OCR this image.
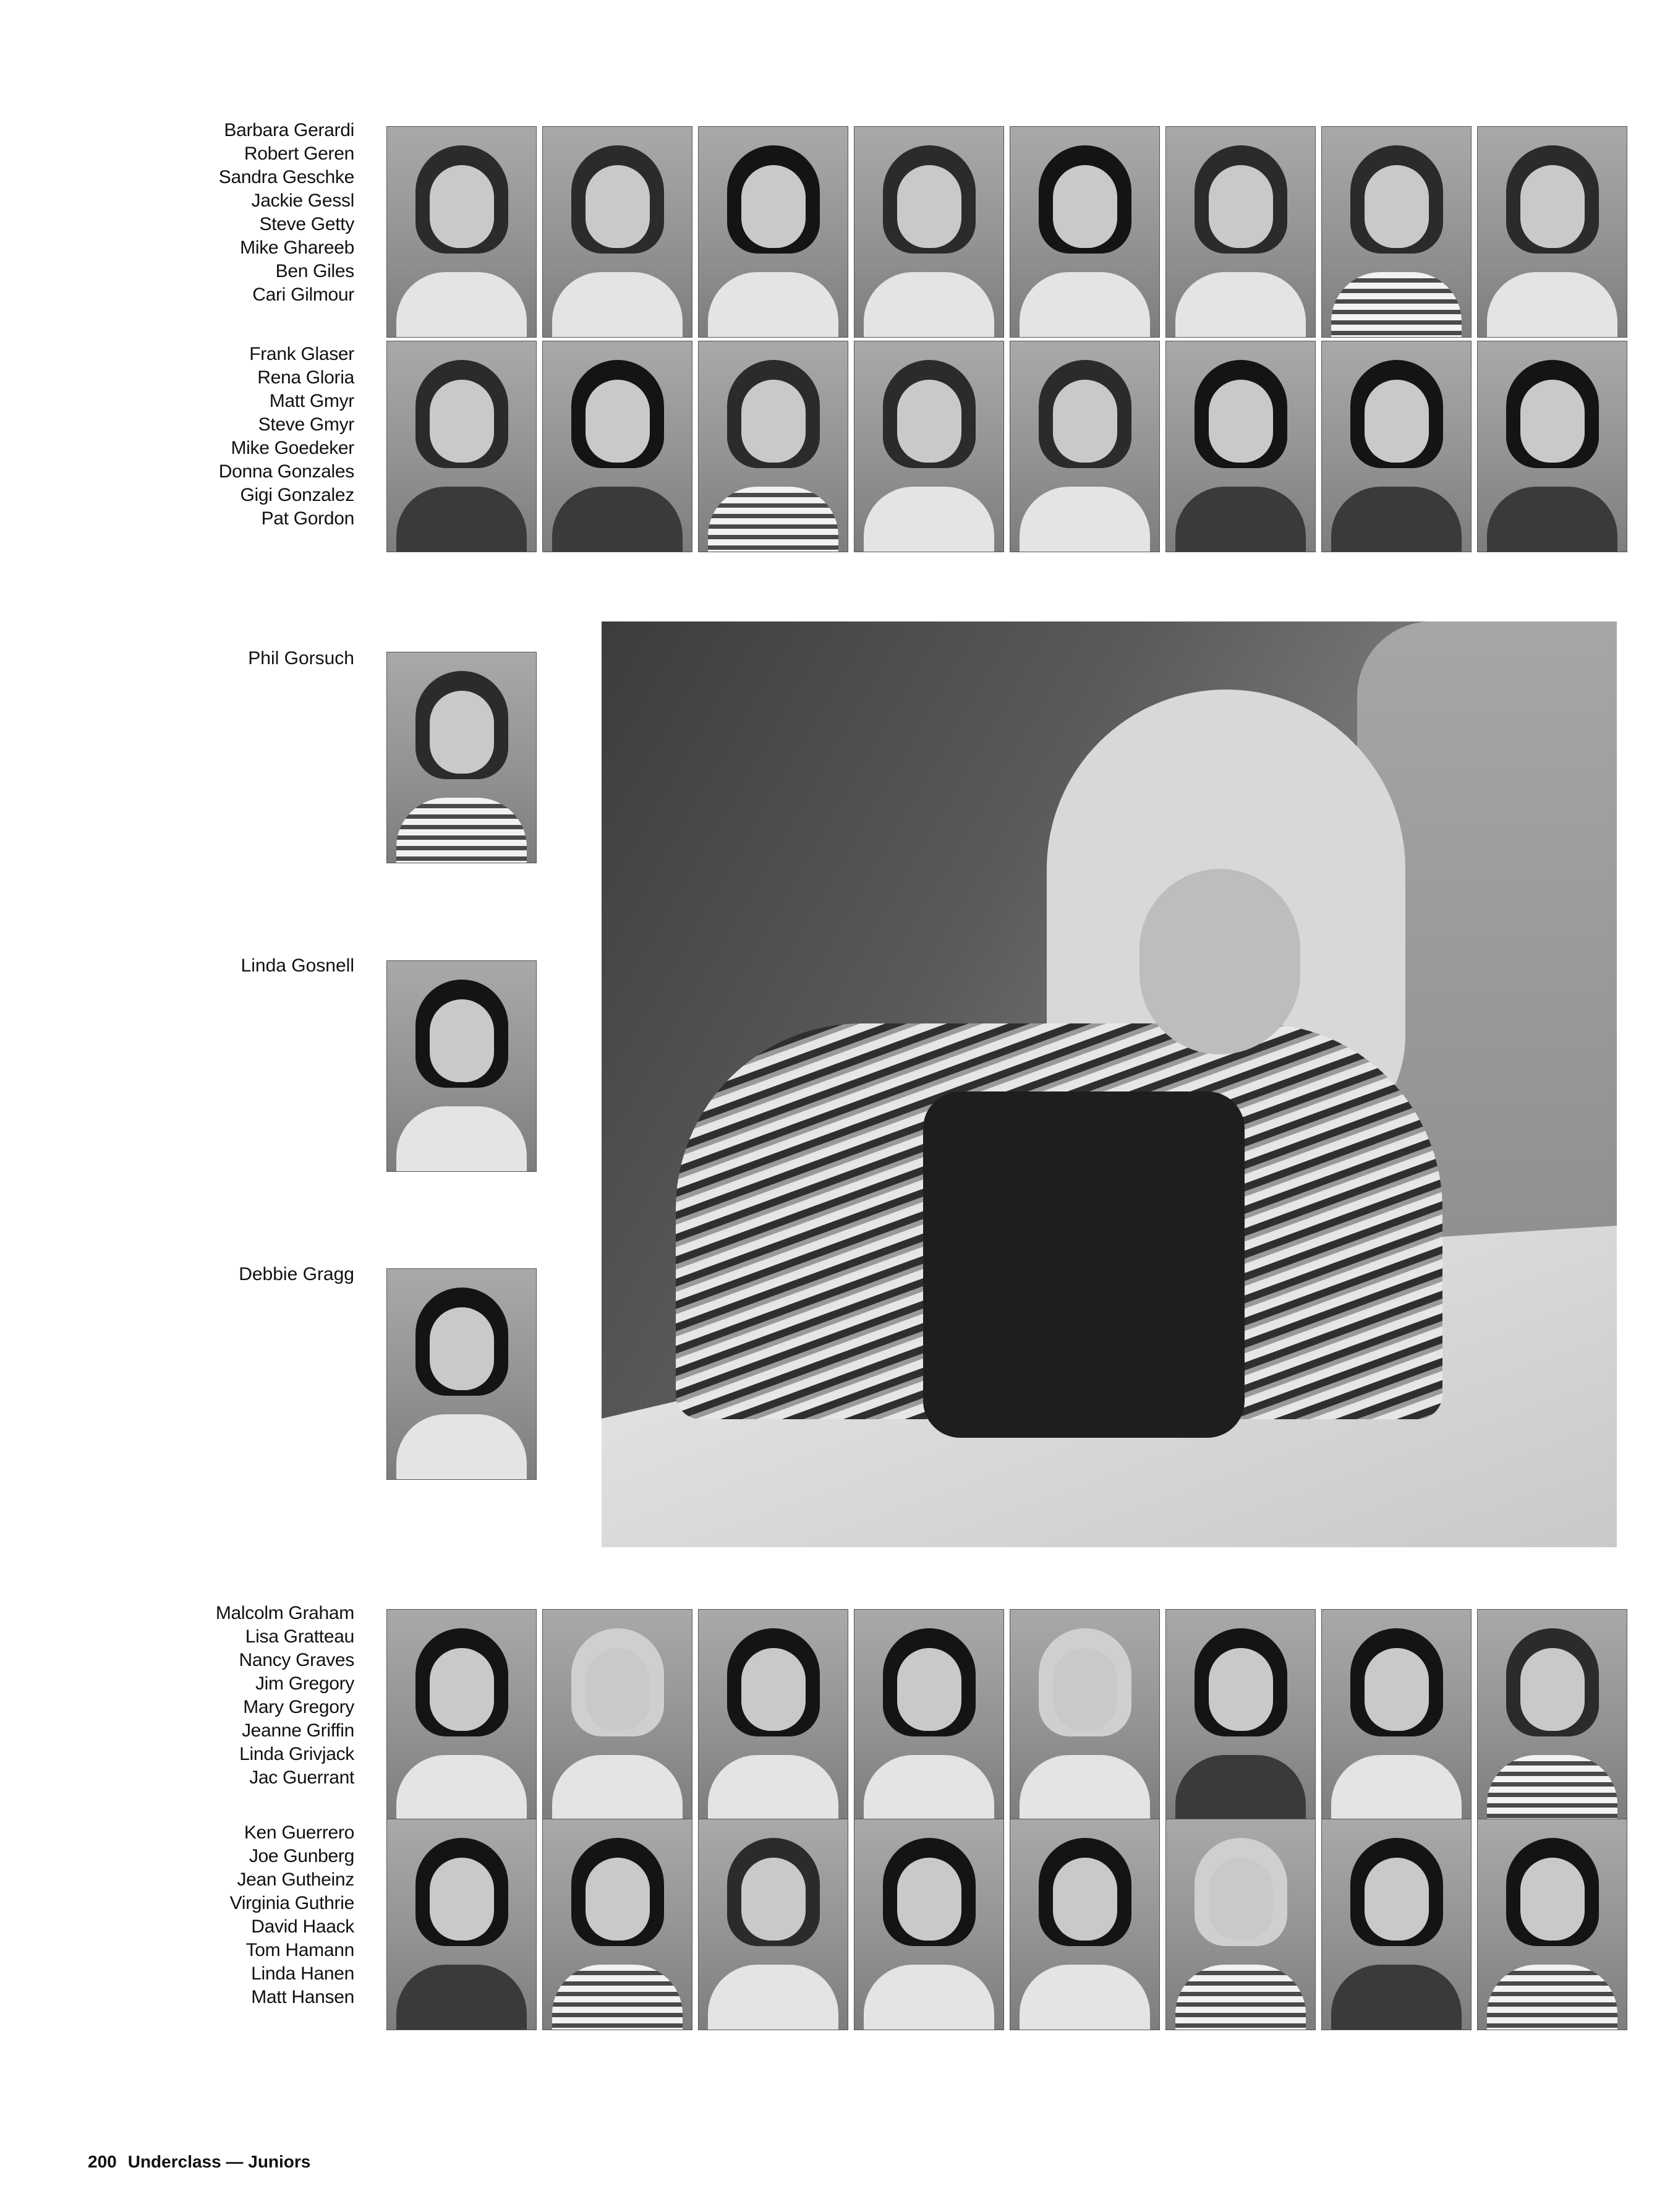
Barbara Gerardi
Robert Geren
Sandra Geschke
Jackie Gessl
Steve Getty
Mike Ghareeb
Ben Giles
Cari Gilmour
Frank Glaser
Rena Gloria
Matt Gmyr
Steve Gmyr
Mike Goedeker
Donna Gonzales
Gigi Gonzalez
Pat Gordon
Phil Gorsuch
Linda Gosnell
Debbie Gragg
Malcolm Graham
Lisa Gratteau
Nancy Graves
Jim Gregory
Mary Gregory
Jeanne Griffin
Linda Grivjack
Jac Guerrant
Ken Guerrero
Joe Gunberg
Jean Gutheinz
Virginia Guthrie
David Haack
Tom Hamann
Linda Hanen
Matt Hansen
200 Underclass — Juniors
